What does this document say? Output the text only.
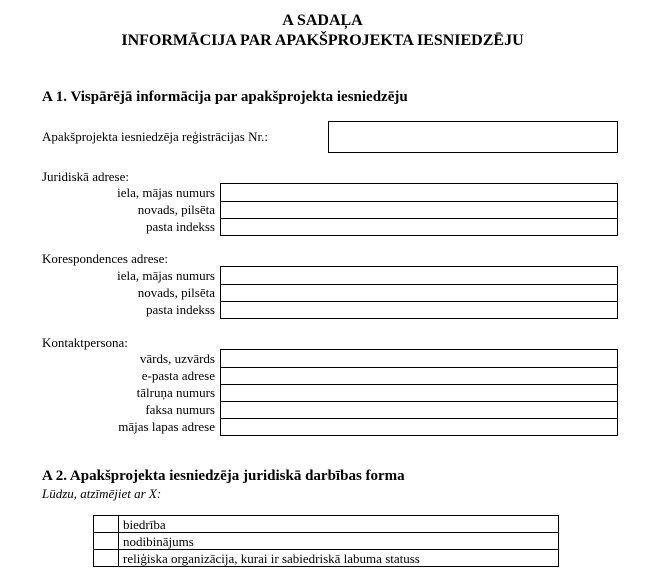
A SADAĻA
INFORMĀCIJA PAR APAKŠPROJEKTA IESNIEDZĒJU
A 1. Vispārējā informācija par apakšprojekta iesniedzēju
Apakšprojekta iesniedzēja reģistrācijas Nr.:
Juridiskā adrese:
iela, mājas numurs
novads, pilsēta
pasta indekss
Korespondences adrese:
iela, mājas numurs
novads, pilsēta
pasta indekss
Kontaktpersona:
vārds, uzvārds
e-pasta adrese
tālruņa numurs
faksa numurs
mājas lapas adrese
A 2. Apakšprojekta iesniedzēja juridiskā darbības forma
Lūdzu, atzīmējiet ar X:
	biedrība
	nodibinājums
	reliģiska organizācija, kurai ir sabiedriskā labuma statuss
